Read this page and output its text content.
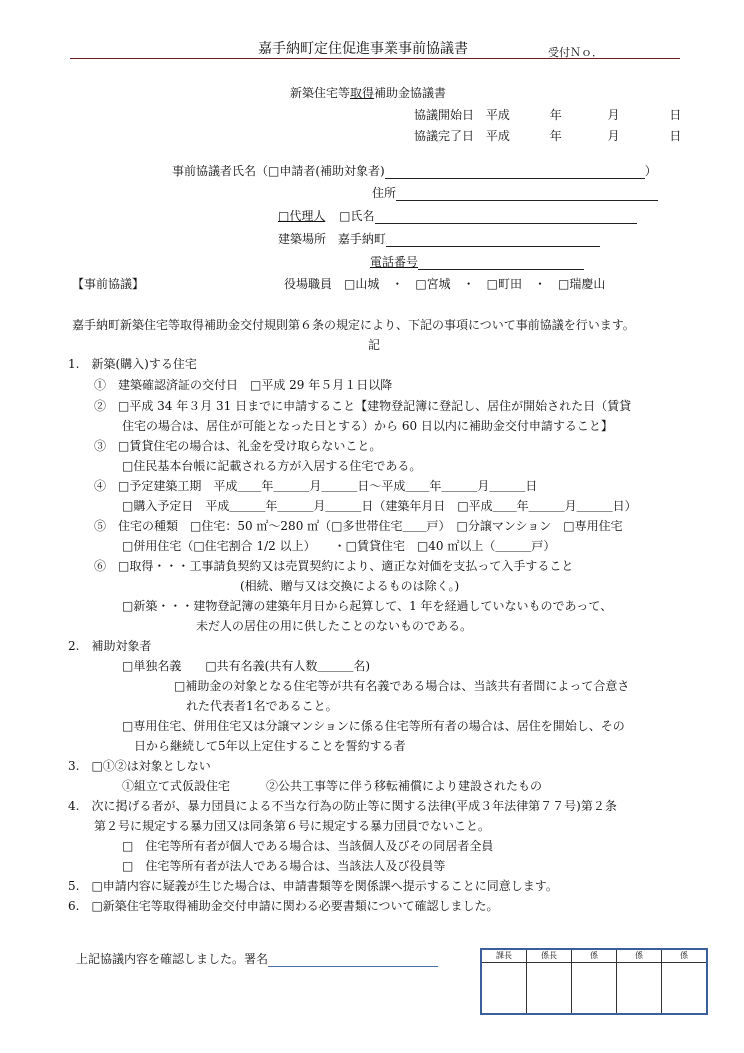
嘉手納町定住促進事業事前協議書	受付Ｎｏ．
新築住宅等取得補助金協議書
協議開始日 平成	年	月	日
協議完了日 平成	年	月	日
事前協議者氏名（□申請者(補助対象者)	）
住所
□代理人 □氏名
建築場所 嘉手納町
電話番号
【事前協議】	役場職員　□山城　・　□宮城　・　□町田　・　□瑞慶山
嘉手納町新築住宅等取得補助金交付規則第６条の規定により、下記の事項について事前協議を行います。
記
1.　新築(購入)する住宅
①　建築確認済証の交付日　□平成 29 年５月１日以降
②　□平成 34 年３月 31 日までに申請すること【建物登記簿に登記し、居住が開始された日（賃貸
住宅の場合は、居住が可能となった日とする）から 60 日以内に補助金交付申請すること】
③　□賃貸住宅の場合は、礼金を受け取らないこと。
□住民基本台帳に記載される方が入居する住宅である。
④　□予定建築工期　平成＿＿年＿＿＿月＿＿＿日～平成＿＿年＿＿＿月＿＿＿日
□購入予定日　平成＿＿＿年＿＿＿月＿＿＿日（建築年月日　□平成＿＿年＿＿＿月＿＿＿日）
⑤　住宅の種類　□住宅：50 ㎡～280 ㎡（□多世帯住宅＿＿戸）　□分譲マンション　□専用住宅
□併用住宅（□住宅割合 1/2 以上）　　・□賃貸住宅　□40 ㎡以上（＿＿＿戸）
⑥　□取得・・・工事請負契約又は売買契約により、適正な対価を支払って入手すること
(相続、贈与又は交換によるものは除く。)
□新築・・・建物登記簿の建築年月日から起算して、1 年を経過していないものであって、
未だ人の居住の用に供したことのないものである。
2.　補助対象者
□単独名義　　□共有名義(共有人数＿＿＿名)
□補助金の対象となる住宅等が共有名義である場合は、当該共有者間によって合意さ
れた代表者1名であること。
□専用住宅、併用住宅又は分譲マンションに係る住宅等所有者の場合は、居住を開始し、その
日から継続して5年以上定住することを誓約する者
3.　□①②は対象としない
①組立て式仮設住宅　　　②公共工事等に伴う移転補償により建設されたもの
4.　次に掲げる者が、暴力団員による不当な行為の防止等に関する法律(平成３年法律第７７号)第２条
第２号に規定する暴力団又は同条第６号に規定する暴力団員でないこと。
□　住宅等所有者が個人である場合は、当該個人及びその同居者全員
□　住宅等所有者が法人である場合は、当該法人及び役員等
5.　□申請内容に疑義が生じた場合は、申請書類等を関係課へ提示することに同意します。
6.　□新築住宅等取得補助金交付申請に関わる必要書類について確認しました。
上記協議内容を確認しました。署名	課長	係長	係	係	係
